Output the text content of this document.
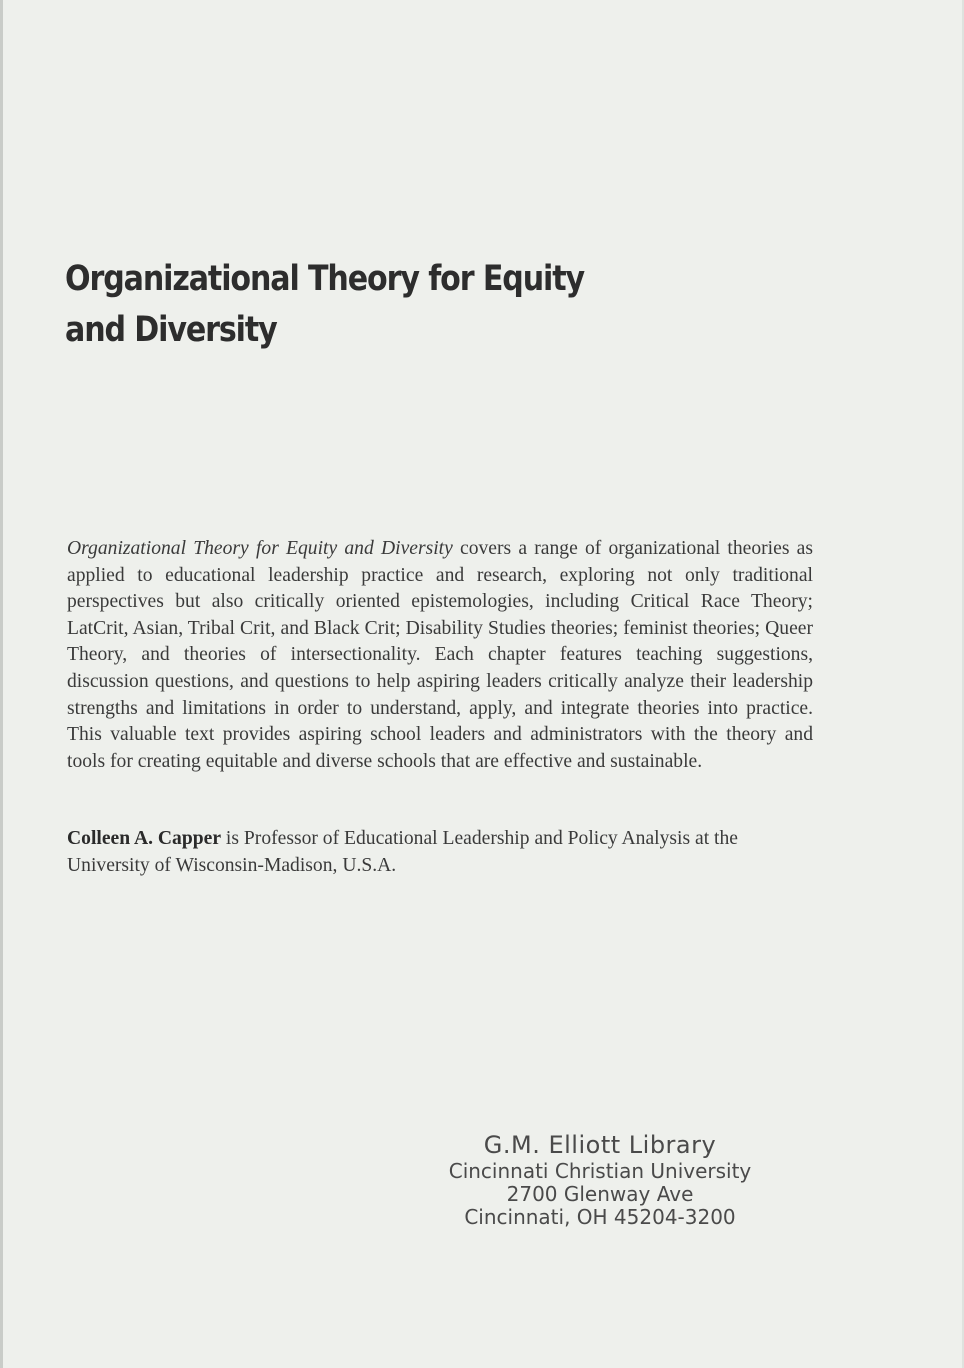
Organizational Theory for Equity
and Diversity

Organizational Theory for Equity and Diversity covers a range of organizational theories as applied to educational leadership practice and research, exploring not only traditional perspectives but also critically oriented epistemologies, including Critical Race Theory; LatCrit, Asian, Tribal Crit, and Black Crit; Disability Studies theories; feminist theories; Queer Theory, and theories of intersectionality. Each chapter features teaching suggestions, discussion questions, and questions to help aspiring leaders critically analyze their leadership strengths and limitations in order to understand, apply, and integrate theories into practice. This valuable text provides aspiring school leaders and administrators with the theory and tools for creating equitable and diverse schools that are effective and sustainable.

Colleen A. Capper is Professor of Educational Leadership and Policy Analysis at the University of Wisconsin-Madison, U.S.A.

G.M. Elliott Library
Cincinnati Christian University
2700 Glenway Ave
Cincinnati, OH 45204-3200
